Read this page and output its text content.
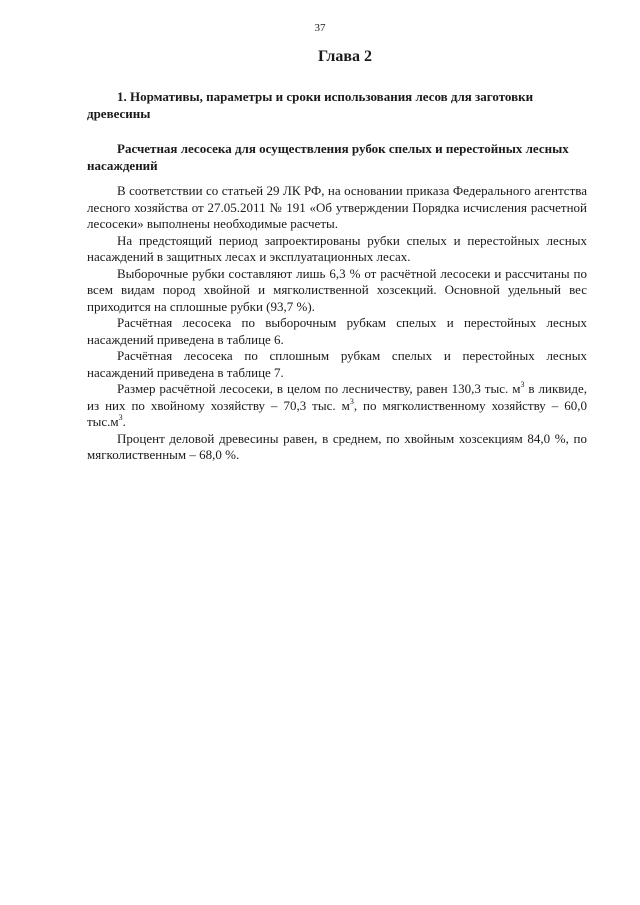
37
Глава 2
1. Нормативы, параметры и сроки использования лесов для заготовки древесины
Расчетная лесосека для осуществления рубок спелых и перестойных лесных насаждений

В соответствии со статьей 29 ЛК РФ, на основании приказа Федерального агентства лесного хозяйства от 27.05.2011 № 191 «Об утверждении Порядка исчисления расчетной лесосеки» выполнены необходимые расчеты.

На предстоящий период запроектированы рубки спелых и перестойных лесных насаждений в защитных лесах и эксплуатационных лесах.

Выборочные рубки составляют лишь 6,3 % от расчётной лесосеки и рассчитаны по всем видам пород хвойной и мягколиственной хозсекций. Основной удельный вес приходится на сплошные рубки (93,7 %).

Расчётная лесосека по выборочным рубкам спелых и перестойных лесных насаждений приведена в таблице 6.

Расчётная лесосека по сплошным рубкам спелых и перестойных лесных насаждений приведена в таблице 7.

Размер расчётной лесосеки, в целом по лесничеству, равен 130,3 тыс. $м^3$ в ликвиде, из них по хвойному хозяйству – 70,3 тыс. $м^3$, по мягколиственному хозяйству – 60,0 $тыс.м^3$.

Процент деловой древесины равен, в среднем, по хвойным хозсекциям 84,0 %, по мягколиственным – 68,0 %.
